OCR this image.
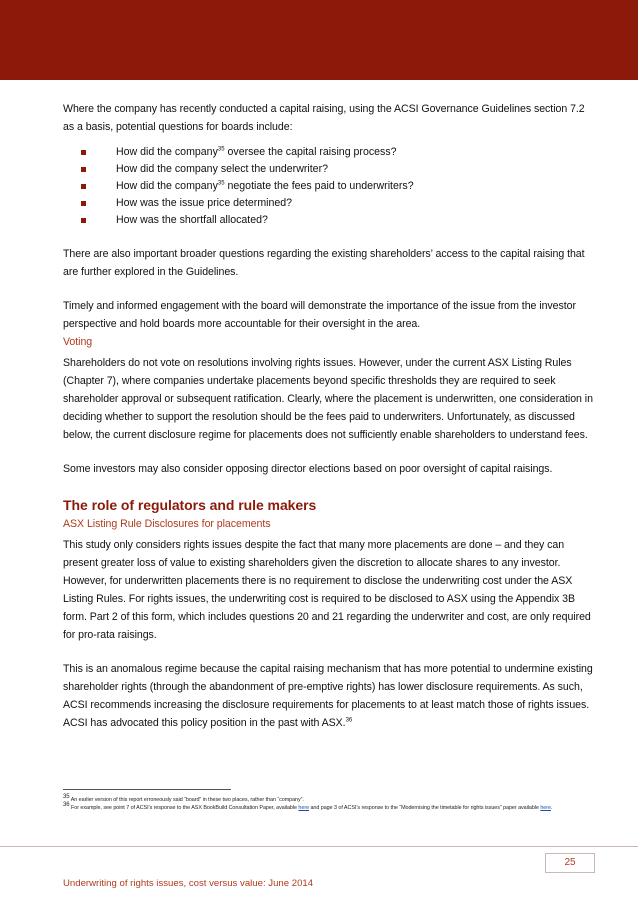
Where the company has recently conducted a capital raising, using the ACSI Governance Guidelines section 7.2 as a basis, potential questions for boards include:

How did the company$^{35}$ oversee the capital raising process?
How did the company select the underwriter?
How did the company$^{35}$ negotiate the fees paid to underwriters?
How was the issue price determined?
How was the shortfall allocated?

There are also important broader questions regarding the existing shareholders’ access to the capital raising that are further explored in the Guidelines.

Timely and informed engagement with the board will demonstrate the importance of the issue from the investor perspective and hold boards more accountable for their oversight in the area.

Voting

Shareholders do not vote on resolutions involving rights issues. However, under the current ASX Listing Rules (Chapter 7), where companies undertake placements beyond specific thresholds they are required to seek shareholder approval or subsequent ratification. Clearly, where the placement is underwritten, one consideration in deciding whether to support the resolution should be the fees paid to underwriters. Unfortunately, as discussed below, the current disclosure regime for placements does not sufficiently enable shareholders to understand fees.

Some investors may also consider opposing director elections based on poor oversight of capital raisings.

The role of regulators and rule makers

ASX Listing Rule Disclosures for placements

This study only considers rights issues despite the fact that many more placements are done – and they can present greater loss of value to existing shareholders given the discretion to allocate shares to any investor. However, for underwritten placements there is no requirement to disclose the underwriting cost under the ASX Listing Rules. For rights issues, the underwriting cost is required to be disclosed to ASX using the Appendix 3B form. Part 2 of this form, which includes questions 20 and 21 regarding the underwriter and cost, are only required for pro-rata raisings.

This is an anomalous regime because the capital raising mechanism that has more potential to undermine existing shareholder rights (through the abandonment of pre-emptive rights) has lower disclosure requirements. As such, ACSI recommends increasing the disclosure requirements for placements to at least match those of rights issues. ACSI has advocated this policy position in the past with ASX.$^{36}$

$^{35}$ An earlier version of this report erroneously said “board” in these two places, rather than “company”.

$^{36}$ For example, see point 7 of ACSI’s response to the ASX BookBuild Consultation Paper, available here and page 3 of ACSI’s response to the “Modernising the timetable for rights issues” paper available here.

25
Underwriting of rights issues, cost versus value: June 2014
